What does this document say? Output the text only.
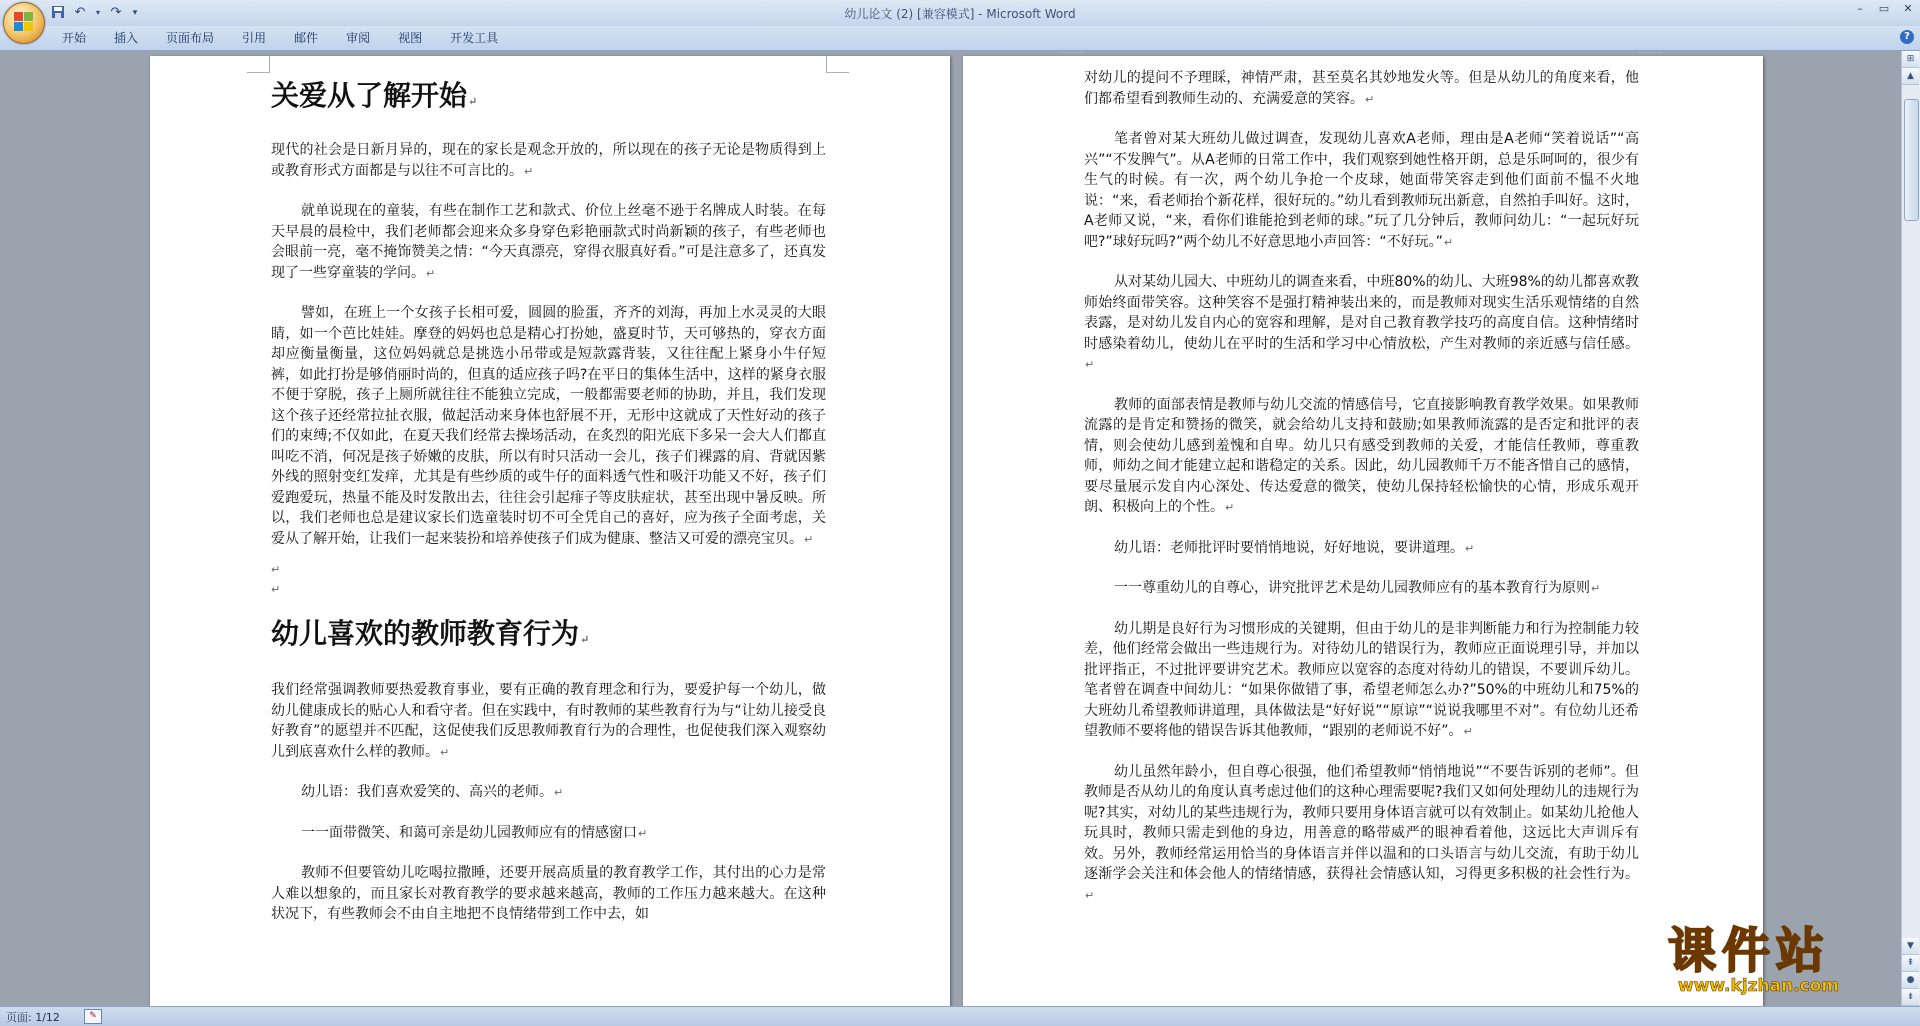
↶	▾ ↷	▾	幼儿论文 (2) [兼容模式] - Microsoft Word	–	▭	✕
开始	插入	页面布局	引用	邮件	审阅	视图	开发工具	?
关爱从了解开始↵

现代的社会是日新月异的，现在的家长是观念开放的，所以现在的孩子无论是物质得到上或教育形式方面都是与以往不可言比的。↵

就单说现在的童装，有些在制作工艺和款式、价位上丝毫不逊于名牌成人时装。在每天早晨的晨检中，我们老师都会迎来众多身穿色彩艳丽款式时尚新颖的孩子，有些老师也会眼前一亮，毫不掩饰赞美之情：“今天真漂亮，穿得衣服真好看。”可是注意多了，还真发现了一些穿童装的学问。↵

譬如，在班上一个女孩子长相可爱，圆圆的脸蛋，齐齐的刘海，再加上水灵灵的大眼睛，如一个芭比娃娃。摩登的妈妈也总是精心打扮她，盛夏时节，天可够热的，穿衣方面却应衡量衡量，这位妈妈就总是挑选小吊带或是短款露背装，又往往配上紧身小牛仔短裤，如此打扮是够俏丽时尚的，但真的适应孩子吗?在平日的集体生活中，这样的紧身衣服不便于穿脱，孩子上厕所就往往不能独立完成，一般都需要老师的协助，并且，我们发现这个孩子还经常拉扯衣服，做起活动来身体也舒展不开，无形中这就成了天性好动的孩子们的束缚;不仅如此，在夏天我们经常去操场活动，在炙烈的阳光底下多呆一会大人们都直叫吃不消，何况是孩子娇嫩的皮肤，所以有时只活动一会儿，孩子们裸露的肩、背就因紫外线的照射变红发痒，尤其是有些纱质的或牛仔的面料透气性和吸汗功能又不好，孩子们爱跑爱玩，热量不能及时发散出去，往往会引起痱子等皮肤症状，甚至出现中暑反映。所以，我们老师也总是建议家长们选童装时切不可全凭自己的喜好，应为孩子全面考虑，关爱从了解开始，让我们一起来装扮和培养使孩子们成为健康、整洁又可爱的漂亮宝贝。↵

↵
↵
幼儿喜欢的教师教育行为↵

我们经常强调教师要热爱教育事业，要有正确的教育理念和行为，要爱护每一个幼儿，做幼儿健康成长的贴心人和看守者。但在实践中，有时教师的某些教育行为与“让幼儿接受良好教育”的愿望并不匹配，这促使我们反思教师教育行为的合理性，也促使我们深入观察幼儿到底喜欢什么样的教师。↵

幼儿语：我们喜欢爱笑的、高兴的老师。↵

一一面带微笑、和蔼可亲是幼儿园教师应有的情感窗口↵

教师不但要管幼儿吃喝拉撒睡，还要开展高质量的教育教学工作，其付出的心力是常人难以想象的，而且家长对教育教学的要求越来越高，教师的工作压力越来越大。在这种状况下，有些教师会不由自主地把不良情绪带到工作中去，如

对幼儿的提问不予理睬，神情严肃，甚至莫名其妙地发火等。但是从幼儿的角度来看，他们都希望看到教师生动的、充满爱意的笑容。↵

笔者曾对某大班幼儿做过调查，发现幼儿喜欢A老师，理由是A老师“笑着说话”“高兴”“不发脾气”。从A老师的日常工作中，我们观察到她性格开朗，总是乐呵呵的，很少有生气的时候。有一次，两个幼儿争抢一个皮球，她面带笑容走到他们面前不愠不火地说：“来，看老师抬个新花样，很好玩的。”幼儿看到教师玩出新意，自然拍手叫好。这时，A老师又说，“来，看你们谁能抢到老师的球。”玩了几分钟后，教师问幼儿：“一起玩好玩吧?”球好玩吗?”两个幼儿不好意思地小声回答：“不好玩。”↵

从对某幼儿园大、中班幼儿的调查来看，中班80%的幼儿、大班98%的幼儿都喜欢教师始终面带笑容。这种笑容不是强打精神装出来的，而是教师对现实生活乐观情绪的自然表露，是对幼儿发自内心的宽容和理解，是对自己教育教学技巧的高度自信。这种情绪时时感染着幼儿，使幼儿在平时的生活和学习中心情放松，产生对教师的亲近感与信任感。↵

教师的面部表情是教师与幼儿交流的情感信号，它直接影响教育教学效果。如果教师流露的是肯定和赞扬的微笑，就会给幼儿支持和鼓励;如果教师流露的是否定和批评的表情，则会使幼儿感到羞愧和自卑。幼儿只有感受到教师的关爱，才能信任教师，尊重教师，师幼之间才能建立起和谐稳定的关系。因此，幼儿园教师千万不能吝惜自己的感情，要尽量展示发自内心深处、传达爱意的微笑，使幼儿保持轻松愉快的心情，形成乐观开朗、积极向上的个性。↵

幼儿语：老师批评时要悄悄地说，好好地说，要讲道理。↵

一一尊重幼儿的自尊心，讲究批评艺术是幼儿园教师应有的基本教育行为原则↵

幼儿期是良好行为习惯形成的关键期，但由于幼儿的是非判断能力和行为控制能力较差，他们经常会做出一些违规行为。对待幼儿的错误行为，教师应正面说理引导，并加以批评指正，不过批评要讲究艺术。教师应以宽容的态度对待幼儿的错误，不要训斥幼儿。笔者曾在调查中间幼儿：“如果你做错了事，希望老师怎么办?”50%的中班幼儿和75%的大班幼儿希望教师讲道理，具体做法是“好好说”“原谅”“说说我哪里不对”。有位幼儿还希望教师不要将他的错误告诉其他教师，“跟别的老师说不好”。↵

幼儿虽然年龄小，但自尊心很强，他们希望教师“悄悄地说”“不要告诉别的老师”。但教师是否从幼儿的角度认真考虑过他们的这种心理需要呢?我们又如何处理幼儿的违规行为呢?其实，对幼儿的某些违规行为，教师只要用身体语言就可以有效制止。如某幼儿抢他人玩具时，教师只需走到他的身边，用善意的略带威严的眼神看着他，这远比大声训斥有效。另外，教师经常运用恰当的身体语言并伴以温和的口头语言与幼儿交流，有助于幼儿逐渐学会关注和体会他人的情绪情感，获得社会情感认知，习得更多积极的社会性行为。↵

⊞
▲
▼
⇞
●
⇟
页面: 1/12	✎
课件站
www.kjzhan.com
